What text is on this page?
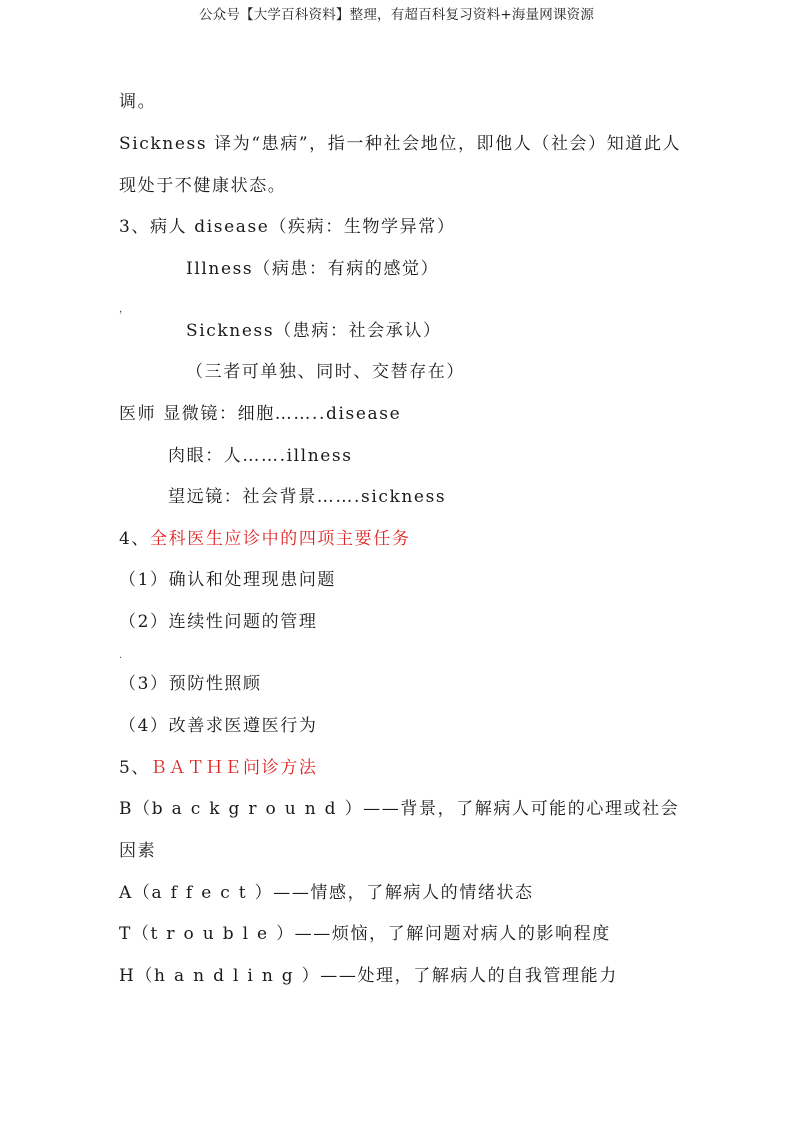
公众号【大学百科资料】整理，有超百科复习资料+海量网课资源
调。
Sickness 译为“患病”，指一种社会地位，即他人（社会）知道此人
现处于不健康状态。
3、病人 disease（疾病：生物学异常）
Illness（病患：有病的感觉）
，
Sickness（患病：社会承认）
（三者可单独、同时、交替存在）
医师 显微镜：细胞……..disease
肉眼：人…….illness
望远镜：社会背景…….sickness
4、全科医生应诊中的四项主要任务
（1）确认和处理现患问题
（2）连续性问题的管理
.
（3）预防性照顾
（4）改善求医遵医行为
5、ＢＡＴＨＥ问诊方法
B（background）——背景，了解病人可能的心理或社会
因素
A（affect）——情感，了解病人的情绪状态
T（trouble）——烦恼，了解问题对病人的影响程度
H（handling）——处理，了解病人的自我管理能力
